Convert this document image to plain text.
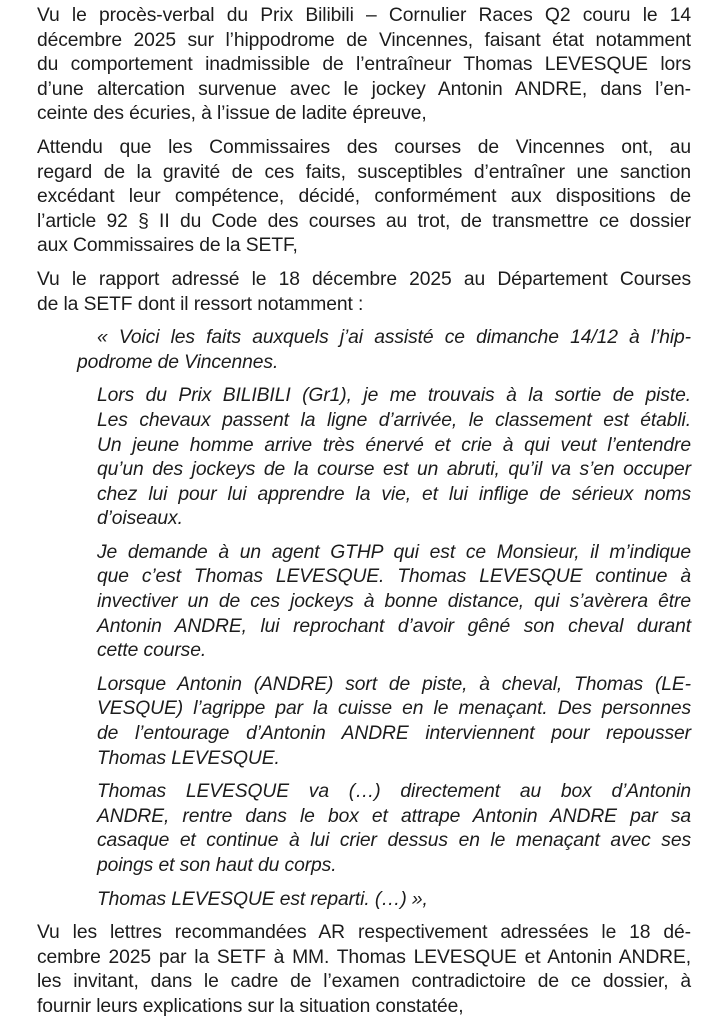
Vu le procès-verbal du Prix Bilibili – Cornulier Races Q2 couru le 14
décembre 2025 sur l’hippodrome de Vincennes, faisant état notamment
du comportement inadmissible de l’entraîneur Thomas LEVESQUE lors
d’une altercation survenue avec le jockey Antonin ANDRE, dans l’en-
ceinte des écuries, à l’issue de ladite épreuve,

Attendu que les Commissaires des courses de Vincennes ont, au
regard de la gravité de ces faits, susceptibles d’entraîner une sanction
excédant leur compétence, décidé, conformément aux dispositions de
l’article 92 § II du Code des courses au trot, de transmettre ce dossier
aux Commissaires de la SETF,

Vu le rapport adressé le 18 décembre 2025 au Département Courses
de la SETF dont il ressort notamment :

« Voici les faits auxquels j’ai assisté ce dimanche 14/12 à l’hip-
podrome de Vincennes.

Lors du Prix BILIBILI (Gr1), je me trouvais à la sortie de piste.
Les chevaux passent la ligne d’arrivée, le classement est établi.
Un jeune homme arrive très énervé et crie à qui veut l’entendre
qu’un des jockeys de la course est un abruti, qu’il va s’en occuper
chez lui pour lui apprendre la vie, et lui inflige de sérieux noms
d’oiseaux.

Je demande à un agent GTHP qui est ce Monsieur, il m’indique
que c’est Thomas LEVESQUE. Thomas LEVESQUE continue à
invectiver un de ces jockeys à bonne distance, qui s’avèrera être
Antonin ANDRE, lui reprochant d’avoir gêné son cheval durant
cette course.

Lorsque Antonin (ANDRE) sort de piste, à cheval, Thomas (LE-
VESQUE) l’agrippe par la cuisse en le menaçant. Des personnes
de l’entourage d’Antonin ANDRE interviennent pour repousser
Thomas LEVESQUE.

Thomas LEVESQUE va (…) directement au box d’Antonin
ANDRE, rentre dans le box et attrape Antonin ANDRE par sa
casaque et continue à lui crier dessus en le menaçant avec ses
poings et son haut du corps.

Thomas LEVESQUE est reparti. (…) »,

Vu les lettres recommandées AR respectivement adressées le 18 dé-
cembre 2025 par la SETF à MM. Thomas LEVESQUE et Antonin ANDRE,
les invitant, dans le cadre de l’examen contradictoire de ce dossier, à
fournir leurs explications sur la situation constatée,
